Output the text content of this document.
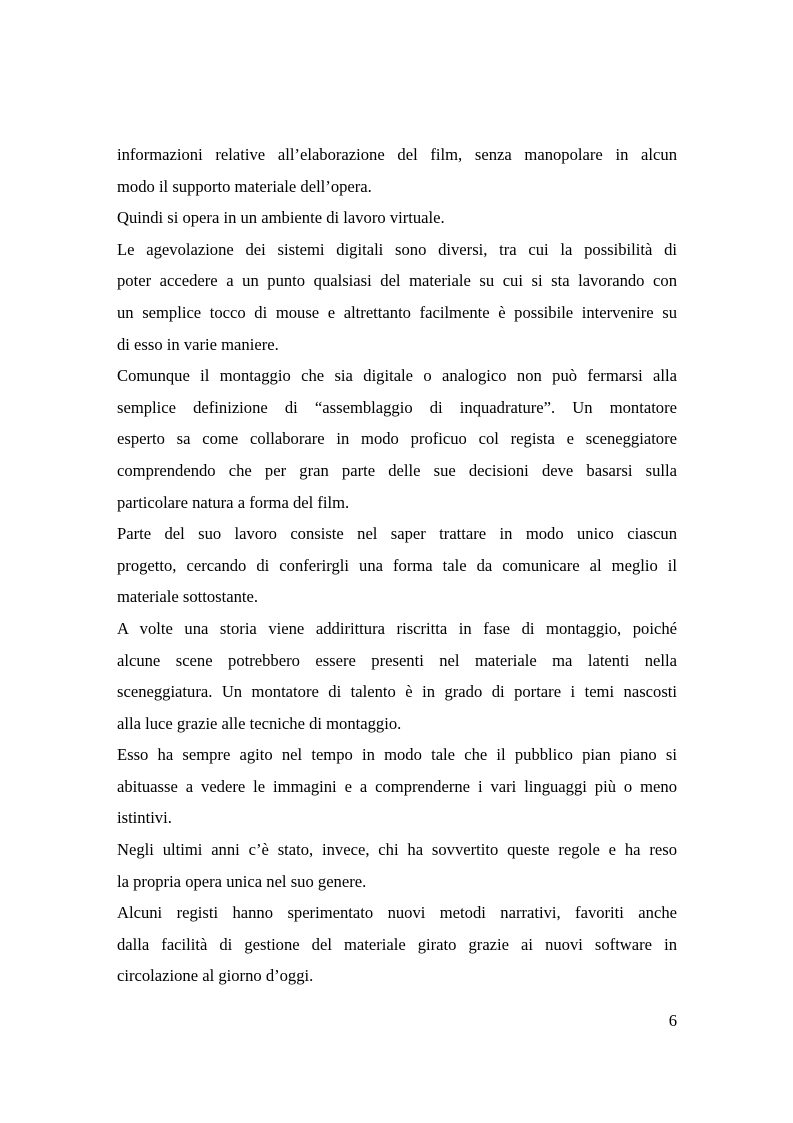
informazioni relative all’elaborazione del film, senza manopolare in alcun
modo il supporto materiale dell’opera.
Quindi si opera in un ambiente di lavoro virtuale.
Le agevolazione dei sistemi digitali sono diversi, tra cui la possibilità di
poter accedere a un punto qualsiasi del materiale su cui si sta lavorando con
un semplice tocco di mouse e altrettanto facilmente è possibile intervenire su
di esso in varie maniere.
Comunque il montaggio che sia digitale o analogico non può fermarsi alla
semplice definizione di “assemblaggio di inquadrature”. Un montatore
esperto sa come collaborare in modo proficuo col regista e sceneggiatore
comprendendo che per gran parte delle sue decisioni deve basarsi sulla
particolare natura a forma del film.
Parte del suo lavoro consiste nel saper trattare in modo unico ciascun
progetto, cercando di conferirgli una forma tale da comunicare al meglio il
materiale sottostante.
A volte una storia viene addirittura riscritta in fase di montaggio, poiché
alcune scene potrebbero essere presenti nel materiale ma latenti nella
sceneggiatura. Un montatore di talento è in grado di portare i temi nascosti
alla luce grazie alle tecniche di montaggio.
Esso ha sempre agito nel tempo in modo tale che il pubblico pian piano si
abituasse a vedere le immagini e a comprenderne i vari linguaggi più o meno
istintivi.
Negli ultimi anni c’è stato, invece, chi ha sovvertito queste regole e ha reso
la propria opera unica nel suo genere.
Alcuni registi hanno sperimentato nuovi metodi narrativi, favoriti anche
dalla facilità di gestione del materiale girato grazie ai nuovi software in
circolazione al giorno d’oggi.
6
